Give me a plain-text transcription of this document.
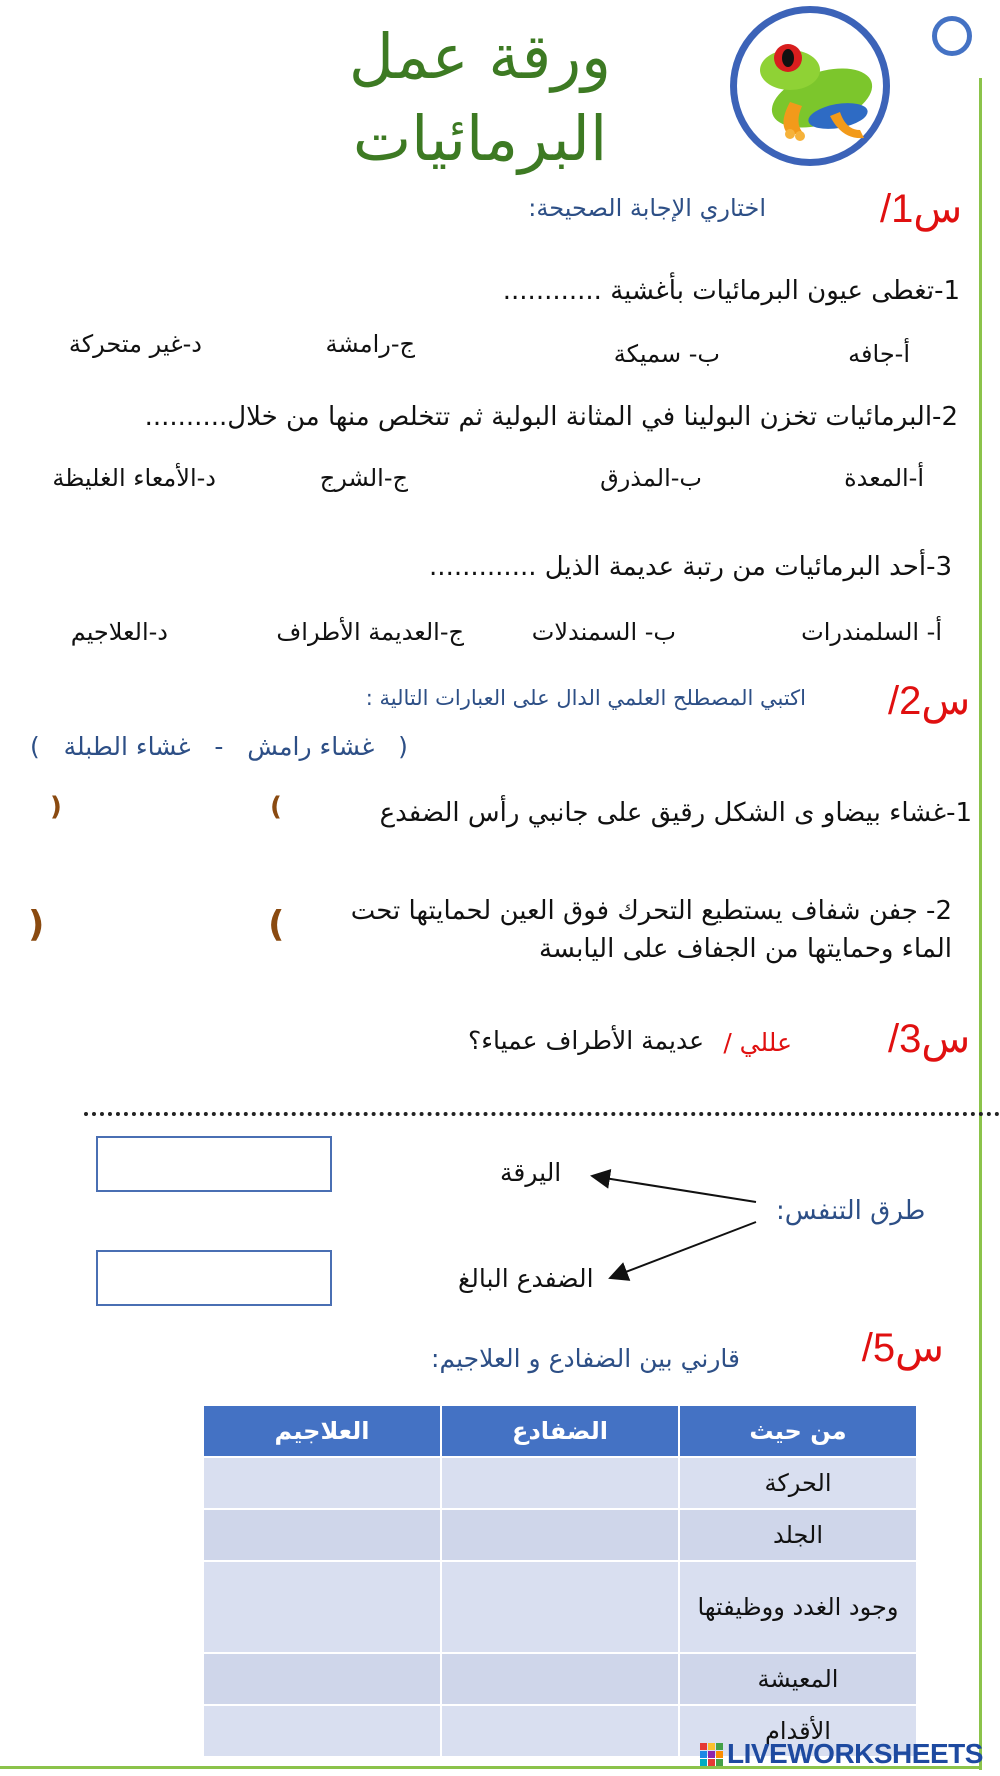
ورقة عمل
البرمائيات
س1/
اختاري الإجابة الصحيحة:
1-تغطى عيون البرمائيات بأغشية ............
أ-جافه
ب- سميكة
ج-رامشة
د-غير متحركة
2-البرمائيات تخزن البولينا في المثانة البولية ثم تتخلص منها من خلال..........
أ-المعدة
ب-المذرق
ج-الشرج
د-الأمعاء الغليظة
3-أحد البرمائيات من رتبة عديمة الذيل .............
أ- السلمندرات
ب- السمندلات
ج-العديمة الأطراف
د-العلاجيم
س2/
اكتبي المصطلح العلمي الدال على العبارات التالية :
(   غشاء رامش   -   غشاء الطبلة   )
1-غشاء بيضاو ى الشكل رقيق على جانبي رأس الضفدع
(
)
2- جفن شفاف يستطيع التحرك فوق العين لحمايتها تحت
الماء وحمايتها من الجفاف على اليابسة
(
)
س3/
عللي /
عديمة الأطراف عمياء؟
اليرقة
الضفدع البالغ
طرق التنفس:
س5/
قارني بين الضفادع و العلاجيم:
من حيث	الضفادع	العلاجيم
الحركة		
الجلد		
وجود الغدد ووظيفتها		
المعيشة		
الأقدام		
LIVEWORKSHEETS
